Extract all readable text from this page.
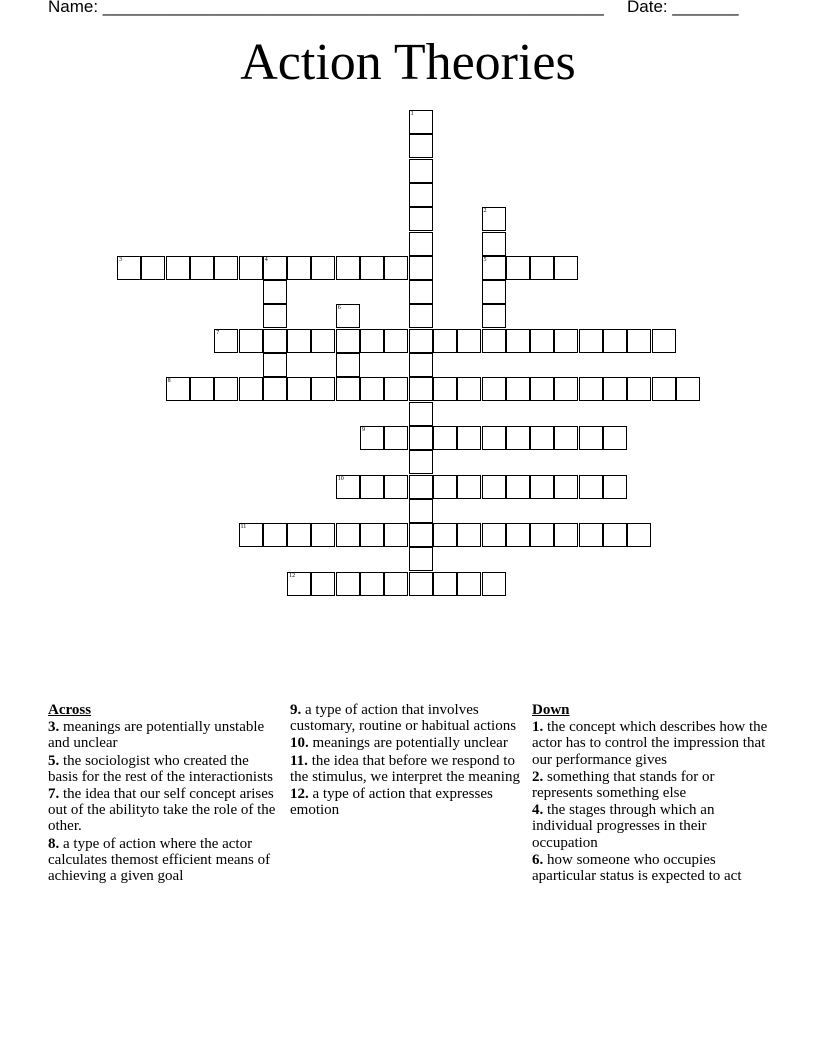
Name: _____________________________________________________ Date: _______
Action Theories
3	4	5
7
8
9
10
11
12
1
2
6
Across
3. meanings are potentially unstable and unclear
5. the sociologist who created the basis for the rest of the interactionists
7. the idea that our self concept arises out of the abilityto take the role of the other.
8. a type of action where the actor calculates themost efficient means of achieving a given goal
9. a type of action that involves customary, routine or habitual actions
10. meanings are potentially unclear
11. the idea that before we respond to the stimulus, we interpret the meaning
12. a type of action that expresses emotion
Down
1. the concept which describes how the actor has to control the impression that our performance gives
2. something that stands for or represents something else
4. the stages through which an individual progresses in their occupation
6. how someone who occupies aparticular status is expected to act
